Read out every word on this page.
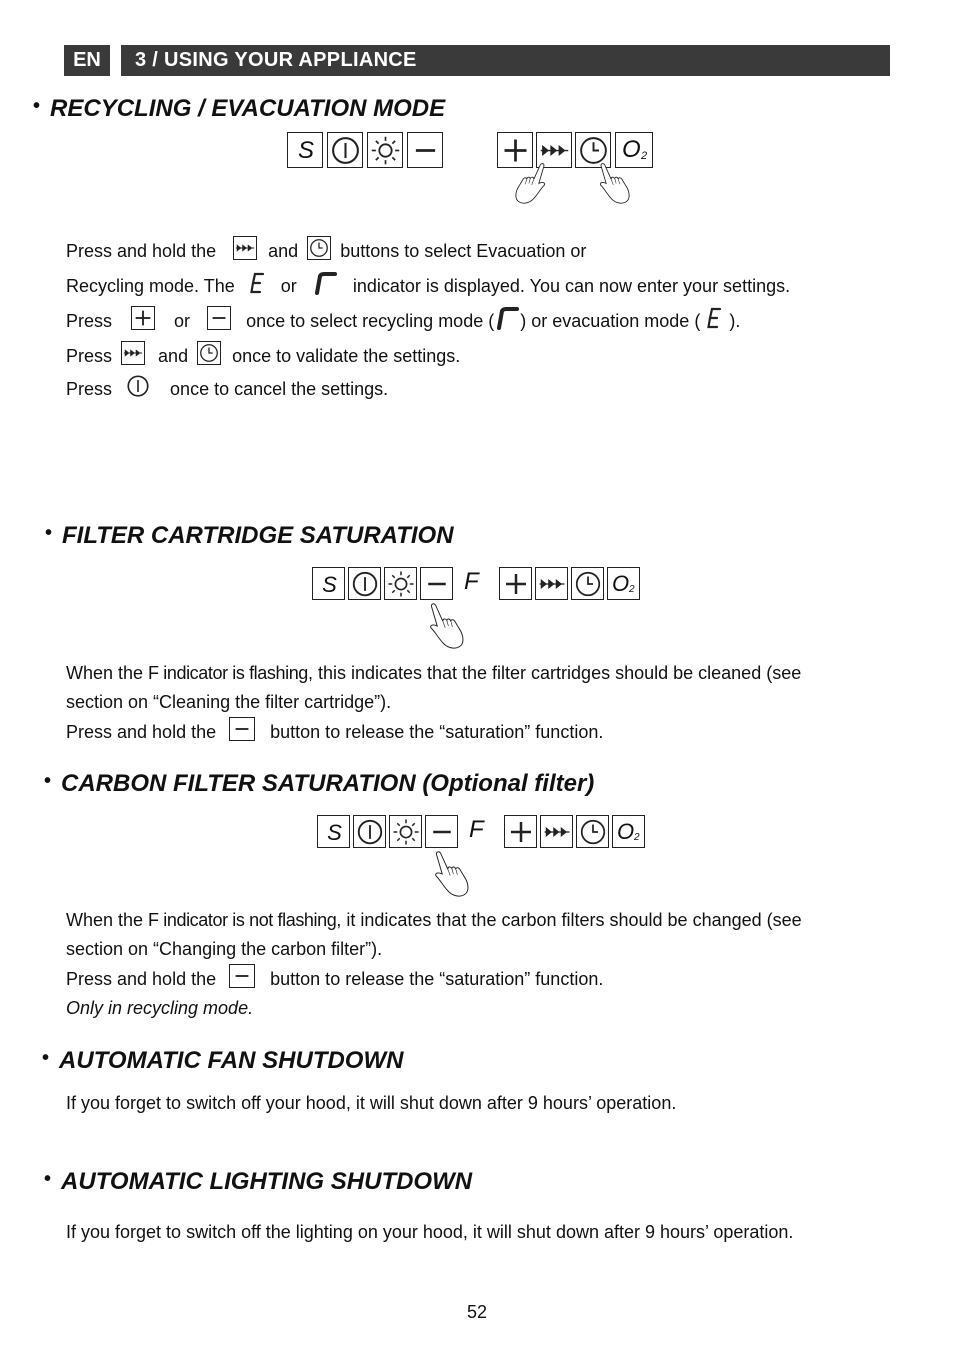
EN	3 / USING YOUR APPLIANCE
• RECYCLING / EVACUATION MODE
S	O 2
Press and hold the	and buttons to select Evacuation or
Recycling mode. The	or	indicator is displayed. You can now enter your settings.
Press	or	once to select recycling mode ( ) or evacuation mode ( ).
Press	and once to validate the settings.
Press	once to cancel the settings.
• FILTER CARTRIDGE SATURATION
S	F	O 2
When the F indicator is flashing, this indicates that the filter cartridges should be cleaned (see
section on “Cleaning the filter cartridge”).
Press and hold the	button to release the “saturation” function.
• CARBON FILTER SATURATION (Optional filter)
S	F	O 2
When the F indicator is not flashing, it indicates that the carbon filters should be changed (see
section on “Changing the carbon filter”).
Press and hold the	button to release the “saturation” function.
Only in recycling mode.
• AUTOMATIC FAN SHUTDOWN
If you forget to switch off your hood, it will shut down after 9 hours’ operation.
• AUTOMATIC LIGHTING SHUTDOWN
If you forget to switch off the lighting on your hood, it will shut down after 9 hours’ operation.
52
